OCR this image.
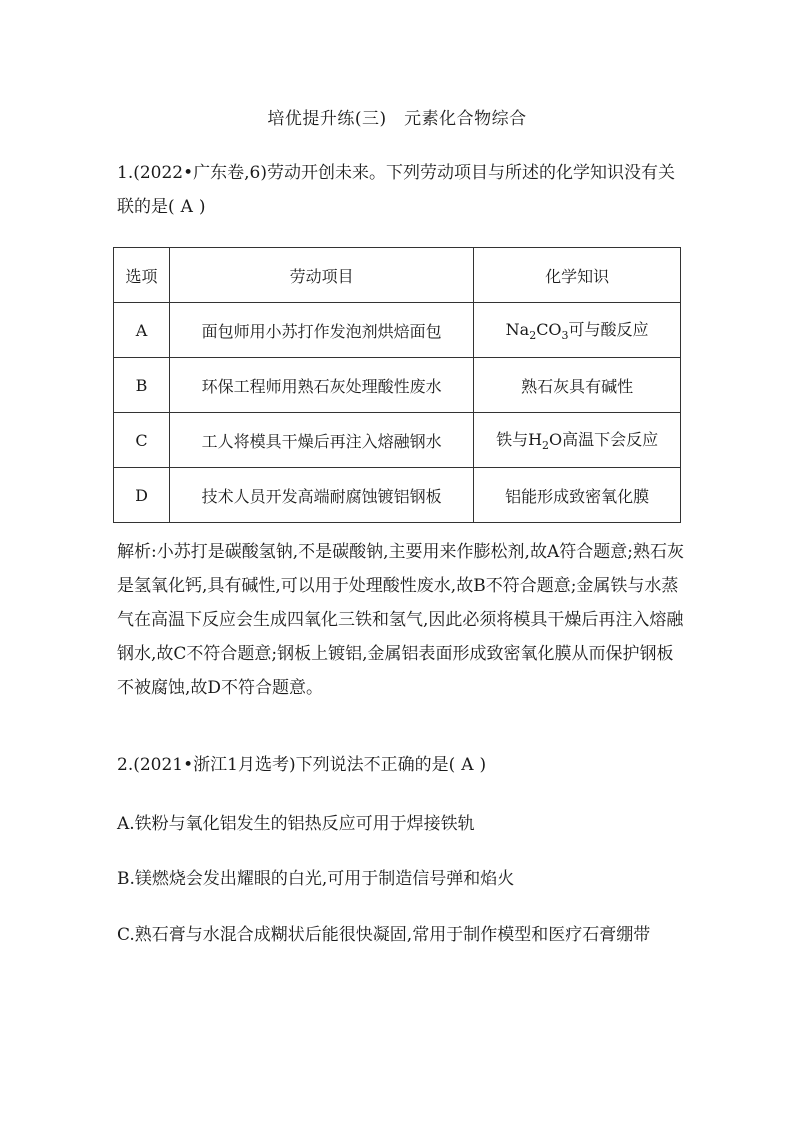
培优提升练(三)　元素化合物综合
1.(2022•广东卷,6)劳动开创未来。下列劳动项目与所述的化学知识没有关联的是( A )
选项	劳动项目	化学知识
A	面包师用小苏打作发泡剂烘焙面包	$Na_2CO_3$可与酸反应
B	环保工程师用熟石灰处理酸性废水	熟石灰具有碱性
C	工人将模具干燥后再注入熔融钢水	铁与$H_2O$高温下会反应
D	技术人员开发高端耐腐蚀镀铝钢板	铝能形成致密氧化膜
解析:小苏打是碳酸氢钠,不是碳酸钠,主要用来作膨松剂,故A符合题意;熟石灰是氢氧化钙,具有碱性,可以用于处理酸性废水,故B不符合题意;金属铁与水蒸气在高温下反应会生成四氧化三铁和氢气,因此必须将模具干燥后再注入熔融钢水,故C不符合题意;钢板上镀铝,金属铝表面形成致密氧化膜从而保护钢板不被腐蚀,故D不符合题意。
2.(2021•浙江1月选考)下列说法不正确的是( A )
A.铁粉与氧化铝发生的铝热反应可用于焊接铁轨
B.镁燃烧会发出耀眼的白光,可用于制造信号弹和焰火
C.熟石膏与水混合成糊状后能很快凝固,常用于制作模型和医疗石膏绷带
